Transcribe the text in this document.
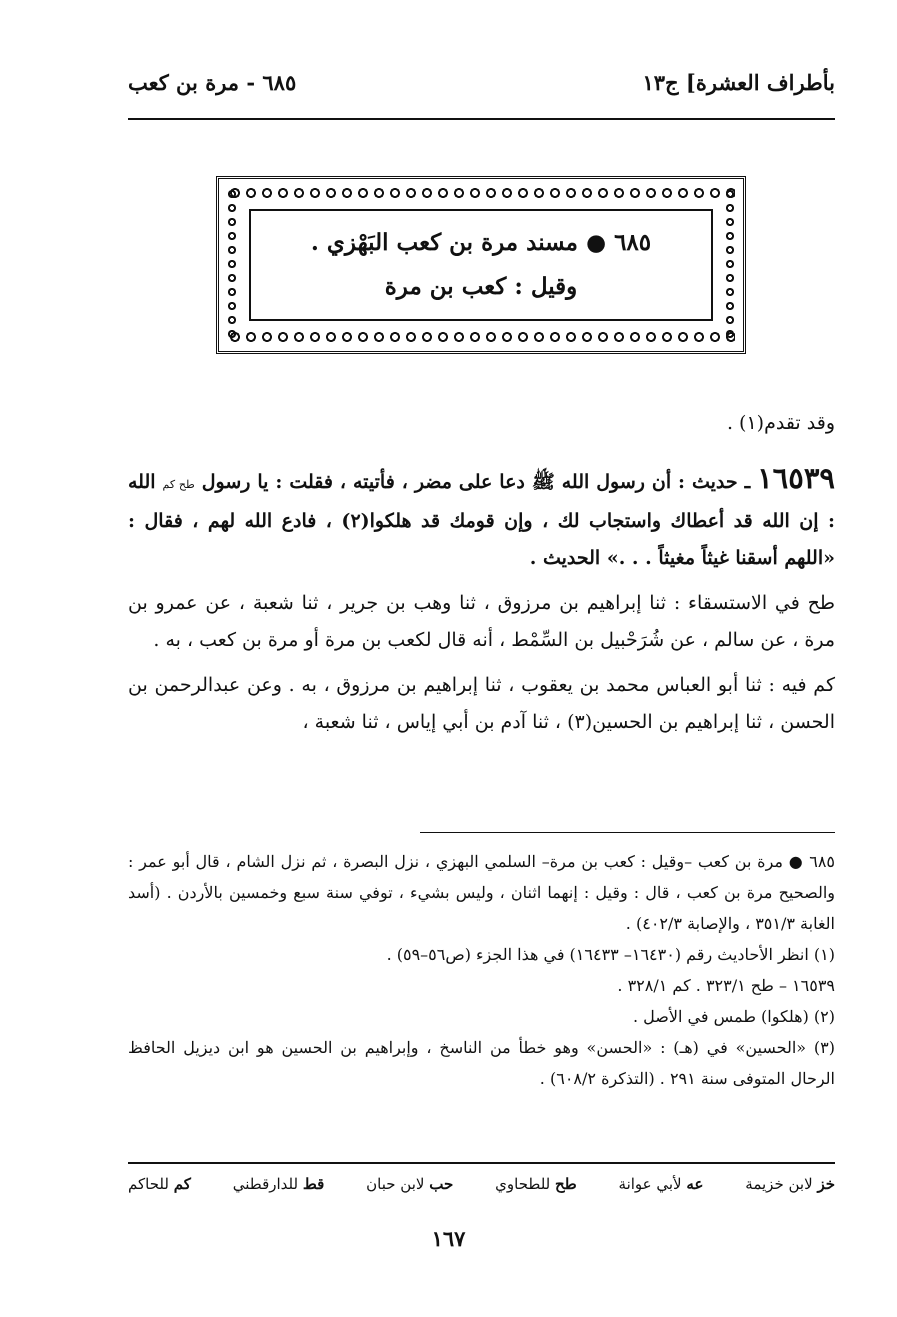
بأطراف العشرة] ج١٣
٦٨٥ - مرة بن كعب
٦٨٥ ● مسند مرة بن كعب البَهْزي .
وقيل : كعب بن مرة

وقد تقدم(١) .

١٦٥٣٩ ـ حديث : أن رسول الله ﷺ دعا على مضر ، فأتيته ، فقلت : يا رسول طح كم الله : إن الله قد أعطاك واستجاب لك ، وإن قومك قد هلكوا(٢) ، فادع الله لهم ، فقال : «اللهم أسقنا غيثاً مغيثاً . . .» الحديث .

طح في الاستسقاء : ثنا إبراهيم بن مرزوق ، ثنا وهب بن جرير ، ثنا شعبة ، عن عمرو بن مرة ، عن سالم ، عن شُرَحْبيل بن السِّمْط ، أنه قال لكعب بن مرة أو مرة بن كعب ، به .

كم فيه : ثنا أبو العباس محمد بن يعقوب ، ثنا إبراهيم بن مرزوق ، به . وعن عبدالرحمن بن الحسن ، ثنا إبراهيم بن الحسين(٣) ، ثنا آدم بن أبي إياس ، ثنا شعبة ،

٦٨٥ ● مرة بن كعب –وقيل : كعب بن مرة– السلمي البهزي ، نزل البصرة ، ثم نزل الشام ، قال أبو عمر : والصحيح مرة بن كعب ، قال : وقيل : إنهما اثنان ، وليس بشيء ، توفي سنة سبع وخمسين بالأردن . (أسد الغابة ٣٥١/٣ ، والإصابة ٤٠٢/٣) .

(١) انظر الأحاديث رقم (١٦٤٣٠– ١٦٤٣٣) في هذا الجزء (ص٥٦–٥٩) .

١٦٥٣٩ – طح ٣٢٣/١ . كم ٣٢٨/١ .

(٢) (هلكوا) طمس في الأصل .

(٣) «الحسين» في (هـ) : «الحسن» وهو خطأ من الناسخ ، وإبراهيم بن الحسين هو ابن ديزيل الحافظ الرحال المتوفى سنة ٢٩١ . (التذكرة ٦٠٨/٢) .

خز لابن خزيمة
عه لأبي عوانة
طح للطحاوي
حب لابن حبان
قط للدارقطني
كم للحاكم
١٦٧
